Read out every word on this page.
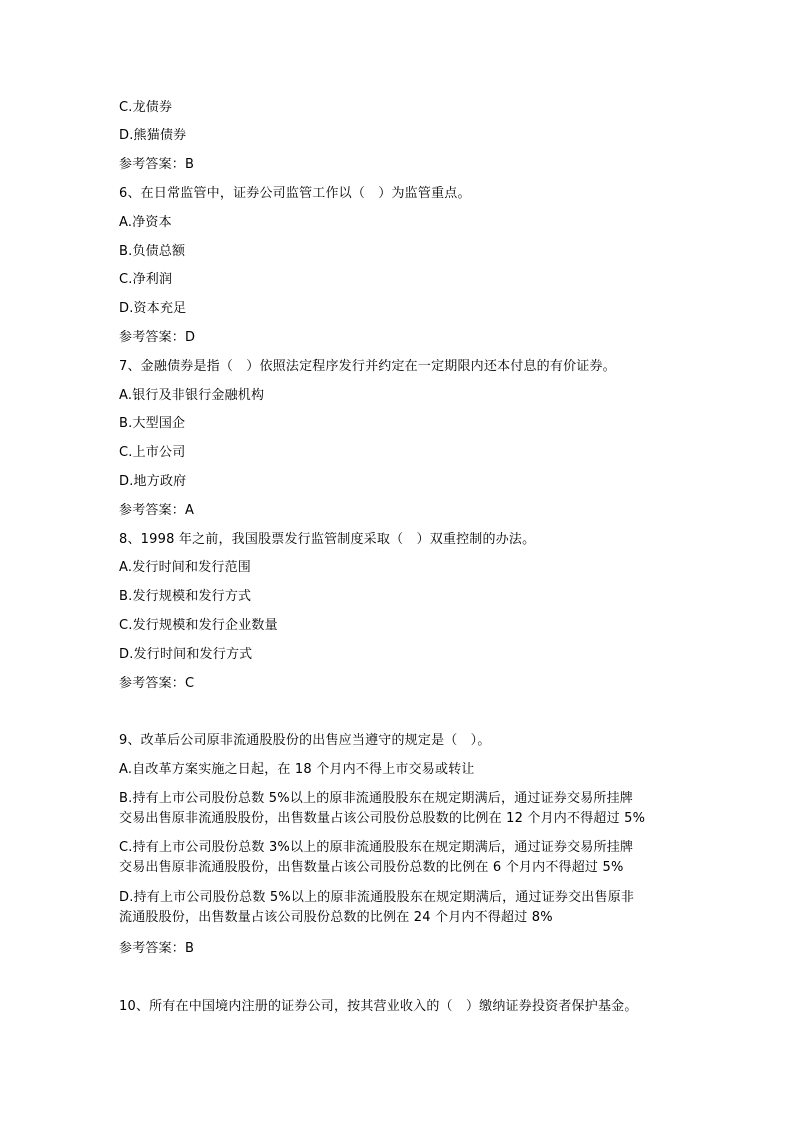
C.龙债券
D.熊猫债券
参考答案：B
6、在日常监管中，证券公司监管工作以（　）为监管重点。
A.净资本
B.负债总额
C.净利润
D.资本充足
参考答案：D
7、金融债券是指（　）依照法定程序发行并约定在一定期限内还本付息的有价证券。
A.银行及非银行金融机构
B.大型国企
C.上市公司
D.地方政府
参考答案：A
8、1998 年之前，我国股票发行监管制度采取（　）双重控制的办法。
A.发行时间和发行范围
B.发行规模和发行方式
C.发行规模和发行企业数量
D.发行时间和发行方式
参考答案：C
9、改革后公司原非流通股股份的出售应当遵守的规定是（　）。
A.自改革方案实施之日起，在 18 个月内不得上市交易或转让
B.持有上市公司股份总数 5%以上的原非流通股股东在规定期满后，通过证券交易所挂牌
交易出售原非流通股股份，出售数量占该公司股份总股数的比例在 12 个月内不得超过 5%
C.持有上市公司股份总数 3%以上的原非流通股股东在规定期满后，通过证券交易所挂牌
交易出售原非流通股股份，出售数量占该公司股份总数的比例在 6 个月内不得超过 5%
D.持有上市公司股份总数 5%以上的原非流通股股东在规定期满后，通过证券交出售原非
流通股股份，出售数量占该公司股份总数的比例在 24 个月内不得超过 8%
参考答案：B
10、所有在中国境内注册的证券公司，按其营业收入的（　）缴纳证券投资者保护基金。
